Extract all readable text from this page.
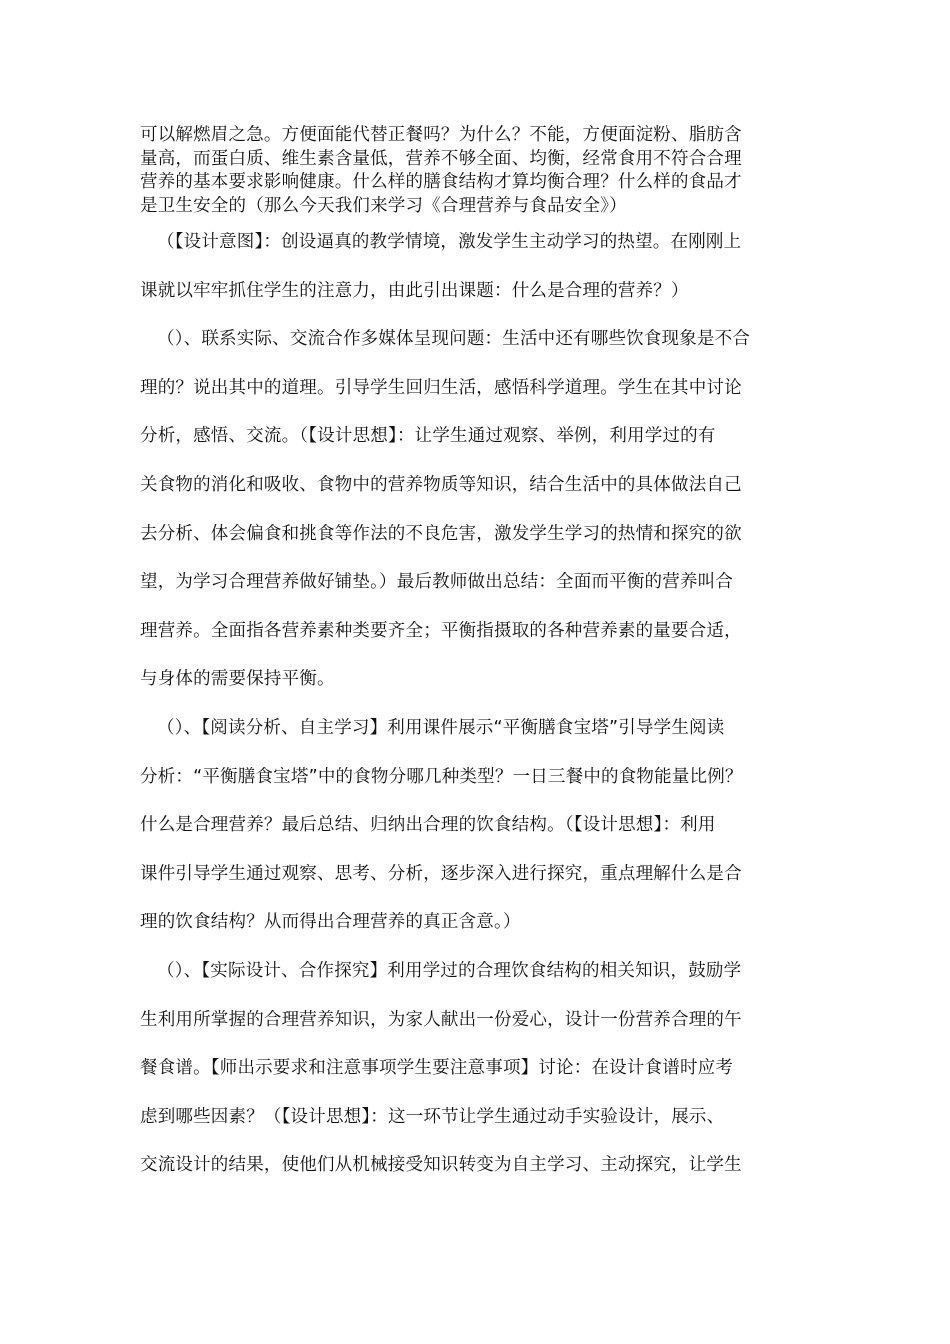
可以解燃眉之急。方便面能代替正餐吗？为什么？不能，方便面淀粉、脂肪含
量高，而蛋白质、维生素含量低，营养不够全面、均衡，经常食用不符合合理
营养的基本要求影响健康。什么样的膳食结构才算均衡合理？什么样的食品才
是卫生安全的（那么今天我们来学习《合理营养与食品安全》）
（【设计意图】：创设逼真的教学情境，激发学生主动学习的热望。在刚刚上
课就以牢牢抓住学生的注意力，由此引出课题：什么是合理的营养？）
（）、联系实际、交流合作多媒体呈现问题：生活中还有哪些饮食现象是不合
理的？说出其中的道理。引导学生回归生活，感悟科学道理。学生在其中讨论
分析，感悟、交流。（【设计思想】：让学生通过观察、举例，利用学过的有
关食物的消化和吸收、食物中的营养物质等知识，结合生活中的具体做法自己
去分析、体会偏食和挑食等作法的不良危害，激发学生学习的热情和探究的欲
望，为学习合理营养做好铺垫。）最后教师做出总结：全面而平衡的营养叫合
理营养。全面指各营养素种类要齐全；平衡指摄取的各种营养素的量要合适，
与身体的需要保持平衡。
（）、【阅读分析、自主学习】利用课件展示“平衡膳食宝塔”引导学生阅读
分析：“平衡膳食宝塔”中的食物分哪几种类型？一日三餐中的食物能量比例？
什么是合理营养？最后总结、归纳出合理的饮食结构。（【设计思想】：利用
课件引导学生通过观察、思考、分析，逐步深入进行探究，重点理解什么是合
理的饮食结构？从而得出合理营养的真正含意。）
（）、【实际设计、合作探究】利用学过的合理饮食结构的相关知识，鼓励学
生利用所掌握的合理营养知识，为家人献出一份爱心，设计一份营养合理的午
餐食谱。【师出示要求和注意事项学生要注意事项】讨论：在设计食谱时应考
虑到哪些因素？（【设计思想】：这一环节让学生通过动手实验设计，展示、
交流设计的结果，使他们从机械接受知识转变为自主学习、主动探究，让学生
